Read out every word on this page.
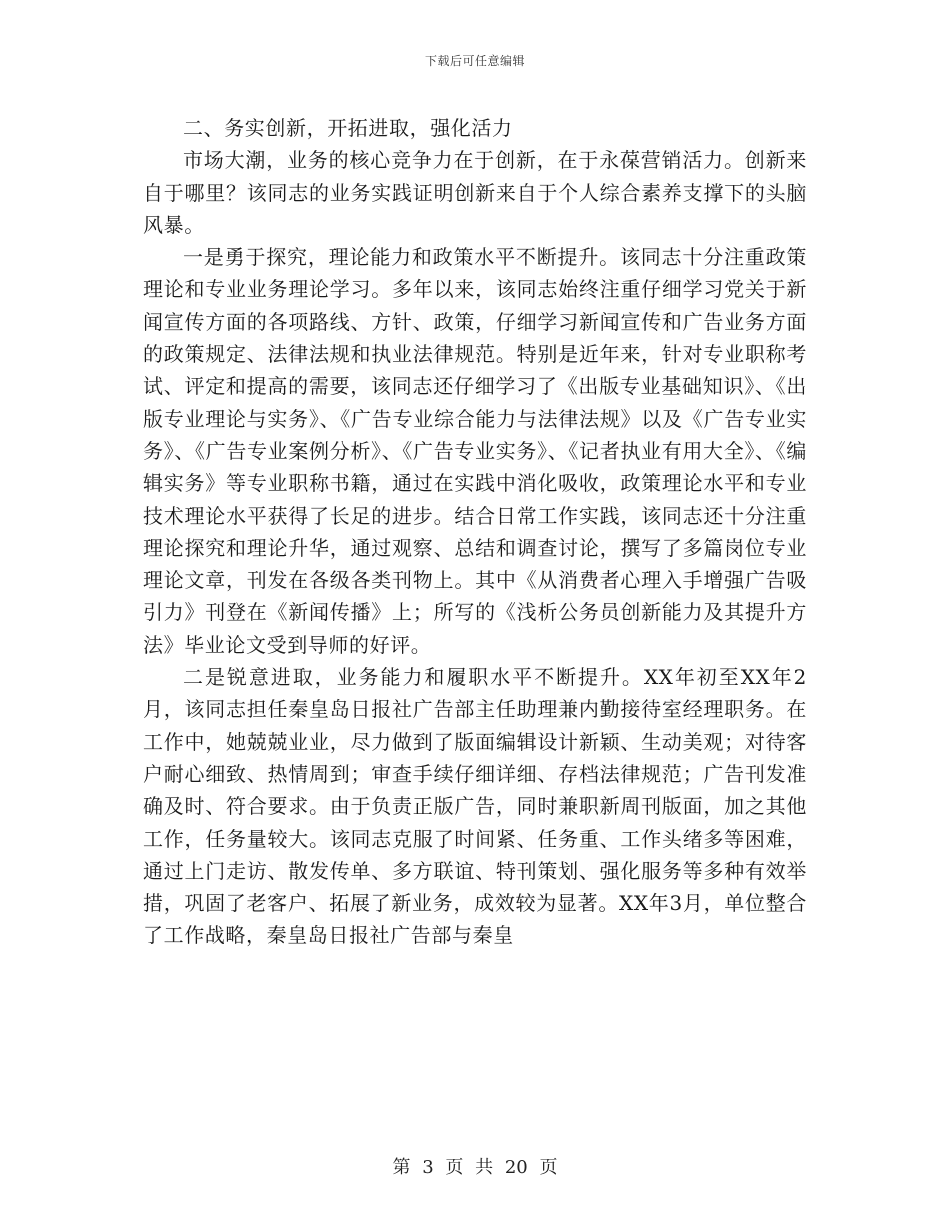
下载后可任意编辑

二、务实创新，开拓进取，强化活力

市场大潮，业务的核心竞争力在于创新，在于永葆营销活力。创新来自于哪里？该同志的业务实践证明创新来自于个人综合素养支撑下的头脑风暴。

一是勇于探究，理论能力和政策水平不断提升。该同志十分注重政策理论和专业业务理论学习。多年以来，该同志始终注重仔细学习党关于新闻宣传方面的各项路线、方针、政策，仔细学习新闻宣传和广告业务方面的政策规定、法律法规和执业法律规范。特别是近年来，针对专业职称考试、评定和提高的需要，该同志还仔细学习了《出版专业基础知识》、《出版专业理论与实务》、《广告专业综合能力与法律法规》以及《广告专业实务》、《广告专业案例分析》、《广告专业实务》、《记者执业有用大全》、《编辑实务》等专业职称书籍，通过在实践中消化吸收，政策理论水平和专业技术理论水平获得了长足的进步。结合日常工作实践，该同志还十分注重理论探究和理论升华，通过观察、总结和调查讨论，撰写了多篇岗位专业理论文章，刊发在各级各类刊物上。其中《从消费者心理入手增强广告吸引力》刊登在《新闻传播》上；所写的《浅析公务员创新能力及其提升方法》毕业论文受到导师的好评。

二是锐意进取，业务能力和履职水平不断提升。XX年初至XX年2月，该同志担任秦皇岛日报社广告部主任助理兼内勤接待室经理职务。在工作中，她兢兢业业，尽力做到了版面编辑设计新颖、生动美观；对待客户耐心细致、热情周到；审查手续仔细详细、存档法律规范；广告刊发准确及时、符合要求。由于负责正版广告，同时兼职新周刊版面，加之其他工作，任务量较大。该同志克服了时间紧、任务重、工作头绪多等困难，通过上门走访、散发传单、多方联谊、特刊策划、强化服务等多种有效举措，巩固了老客户、拓展了新业务，成效较为显著。XX年3月，单位整合了工作战略，秦皇岛日报社广告部与秦皇

第 3 页 共 20 页
